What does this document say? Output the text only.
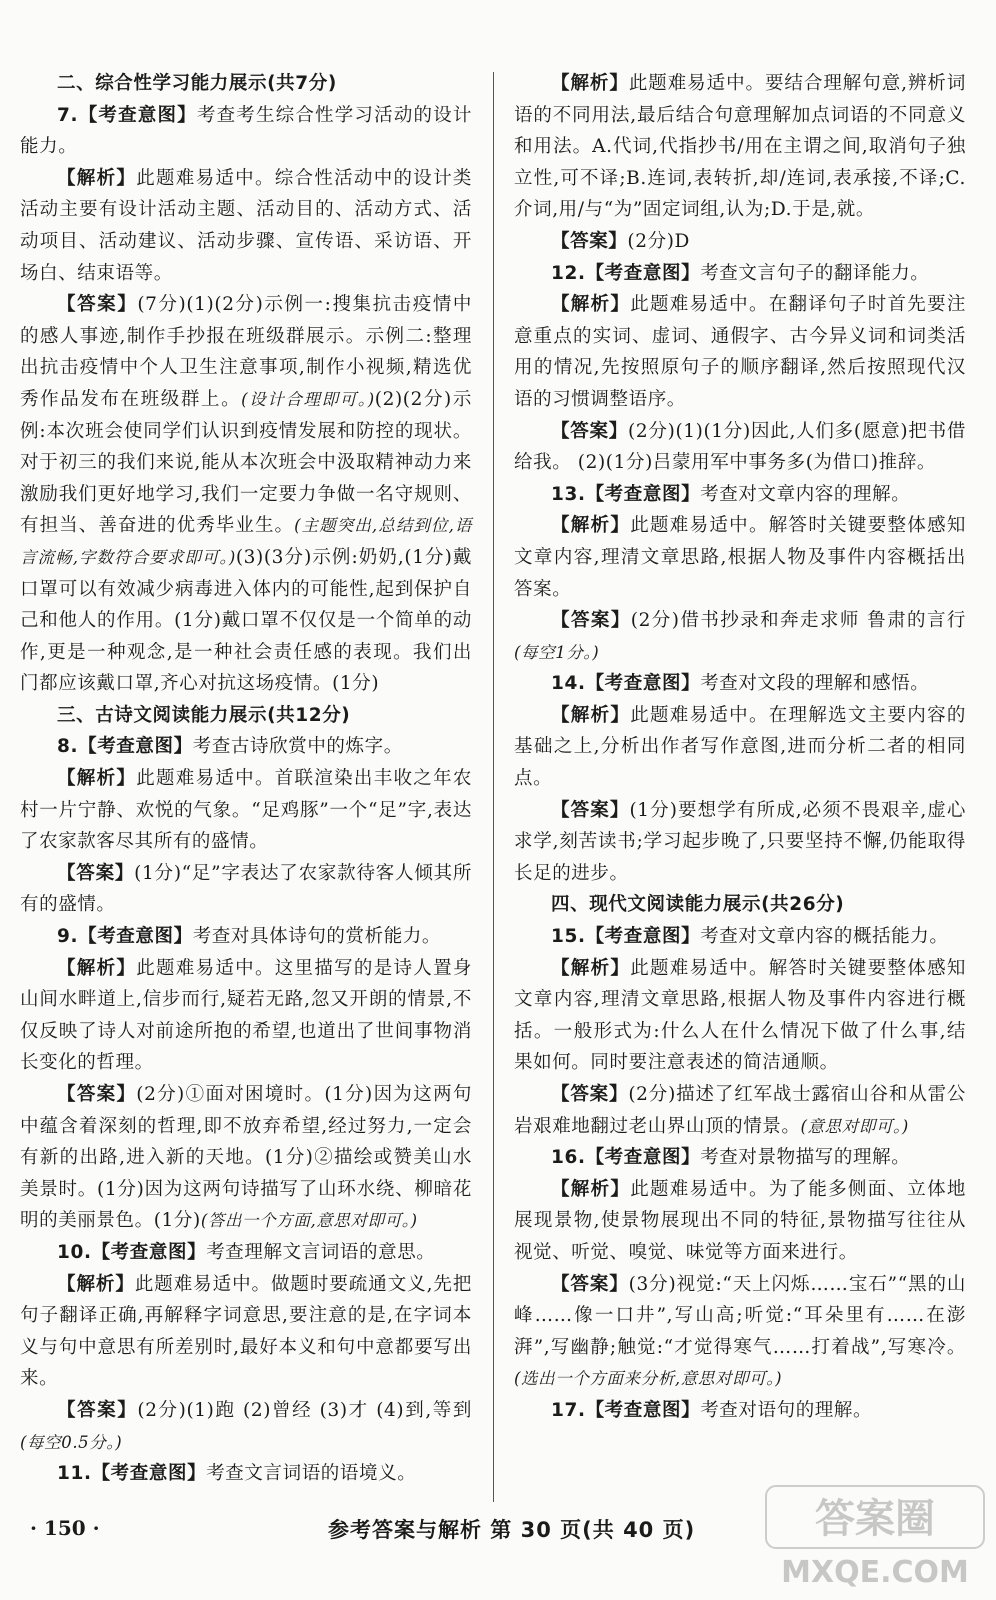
二、综合性学习能力展示(共7分)

7.【考查意图】考查考生综合性学习活动的设计能力。

【解析】此题难易适中。综合性活动中的设计类活动主要有设计活动主题、活动目的、活动方式、活动项目、活动建议、活动步骤、宣传语、采访语、开场白、结束语等。

【答案】(7分)(1)(2分)示例一:搜集抗击疫情中的感人事迹,制作手抄报在班级群展示。示例二:整理出抗击疫情中个人卫生注意事项,制作小视频,精选优秀作品发布在班级群上。(设计合理即可。)(2)(2分)示例:本次班会使同学们认识到疫情发展和防控的现状。对于初三的我们来说,能从本次班会中汲取精神动力来激励我们更好地学习,我们一定要力争做一名守规则、有担当、善奋进的优秀毕业生。(主题突出,总结到位,语言流畅,字数符合要求即可。)(3)(3分)示例:奶奶,(1分)戴口罩可以有效减少病毒进入体内的可能性,起到保护自己和他人的作用。(1分)戴口罩不仅仅是一个简单的动作,更是一种观念,是一种社会责任感的表现。我们出门都应该戴口罩,齐心对抗这场疫情。(1分)

三、古诗文阅读能力展示(共12分)

8.【考查意图】考查古诗欣赏中的炼字。

【解析】此题难易适中。首联渲染出丰收之年农村一片宁静、欢悦的气象。“足鸡豚”一个“足”字,表达了农家款客尽其所有的盛情。

【答案】(1分)“足”字表达了农家款待客人倾其所有的盛情。

9.【考查意图】考查对具体诗句的赏析能力。

【解析】此题难易适中。这里描写的是诗人置身山间水畔道上,信步而行,疑若无路,忽又开朗的情景,不仅反映了诗人对前途所抱的希望,也道出了世间事物消长变化的哲理。

【答案】(2分)①面对困境时。(1分)因为这两句中蕴含着深刻的哲理,即不放弃希望,经过努力,一定会有新的出路,进入新的天地。(1分)②描绘或赞美山水美景时。(1分)因为这两句诗描写了山环水绕、柳暗花明的美丽景色。(1分)(答出一个方面,意思对即可。)

10.【考查意图】考查理解文言词语的意思。

【解析】此题难易适中。做题时要疏通文义,先把句子翻译正确,再解释字词意思,要注意的是,在字词本义与句中意思有所差别时,最好本义和句中意都要写出来。

【答案】(2分)(1)跑 (2)曾经 (3)才 (4)到,等到(每空0.5分。)

11.【考查意图】考查文言词语的语境义。

【解析】此题难易适中。要结合理解句意,辨析词语的不同用法,最后结合句意理解加点词语的不同意义和用法。A.代词,代指抄书/用在主谓之间,取消句子独立性,可不译;B.连词,表转折,却/连词,表承接,不译;C.介词,用/与“为”固定词组,认为;D.于是,就。

【答案】(2分)D

12.【考查意图】考查文言句子的翻译能力。

【解析】此题难易适中。在翻译句子时首先要注意重点的实词、虚词、通假字、古今异义词和词类活用的情况,先按照原句子的顺序翻译,然后按照现代汉语的习惯调整语序。

【答案】(2分)(1)(1分)因此,人们多(愿意)把书借给我。 (2)(1分)吕蒙用军中事务多(为借口)推辞。

13.【考查意图】考查对文章内容的理解。

【解析】此题难易适中。解答时关键要整体感知文章内容,理清文章思路,根据人物及事件内容概括出答案。

【答案】(2分)借书抄录和奔走求师 鲁肃的言行(每空1分。)

14.【考查意图】考查对文段的理解和感悟。

【解析】此题难易适中。在理解选文主要内容的基础之上,分析出作者写作意图,进而分析二者的相同点。

【答案】(1分)要想学有所成,必须不畏艰辛,虚心求学,刻苦读书;学习起步晚了,只要坚持不懈,仍能取得长足的进步。

四、现代文阅读能力展示(共26分)

15.【考查意图】考查对文章内容的概括能力。

【解析】此题难易适中。解答时关键要整体感知文章内容,理清文章思路,根据人物及事件内容进行概括。一般形式为:什么人在什么情况下做了什么事,结果如何。同时要注意表述的简洁通顺。

【答案】(2分)描述了红军战士露宿山谷和从雷公岩艰难地翻过老山界山顶的情景。(意思对即可。)

16.【考查意图】考查对景物描写的理解。

【解析】此题难易适中。为了能多侧面、立体地展现景物,使景物展现出不同的特征,景物描写往往从视觉、听觉、嗅觉、味觉等方面来进行。

【答案】(3分)视觉:“天上闪烁……宝石”“黑的山峰……像一口井”,写山高;听觉:“耳朵里有……在澎湃”,写幽静;触觉:“才觉得寒气……打着战”,写寒冷。(选出一个方面来分析,意思对即可。)

17.【考查意图】考查对语句的理解。

· 150 ·	参考答案与解析 第 30 页(共 40 页)	答案圈
MXQE.COM
